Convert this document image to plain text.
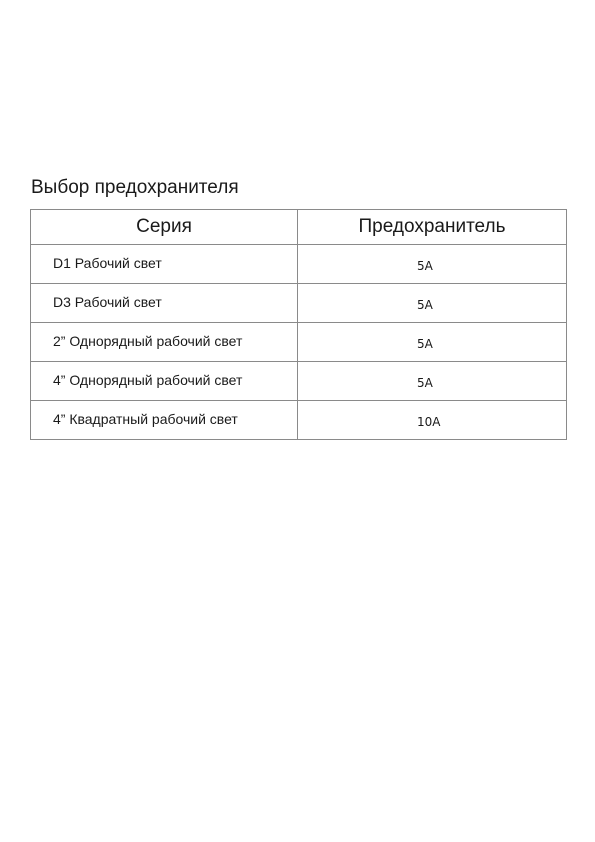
Выбор предохранителя
Серия	Предохранитель
D1 Рабочий свет	5A
D3 Рабочий свет	5A
2” Однорядный рабочий свет	5A
4” Однорядный рабочий свет	5A
4” Квадратный рабочий свет	10A
